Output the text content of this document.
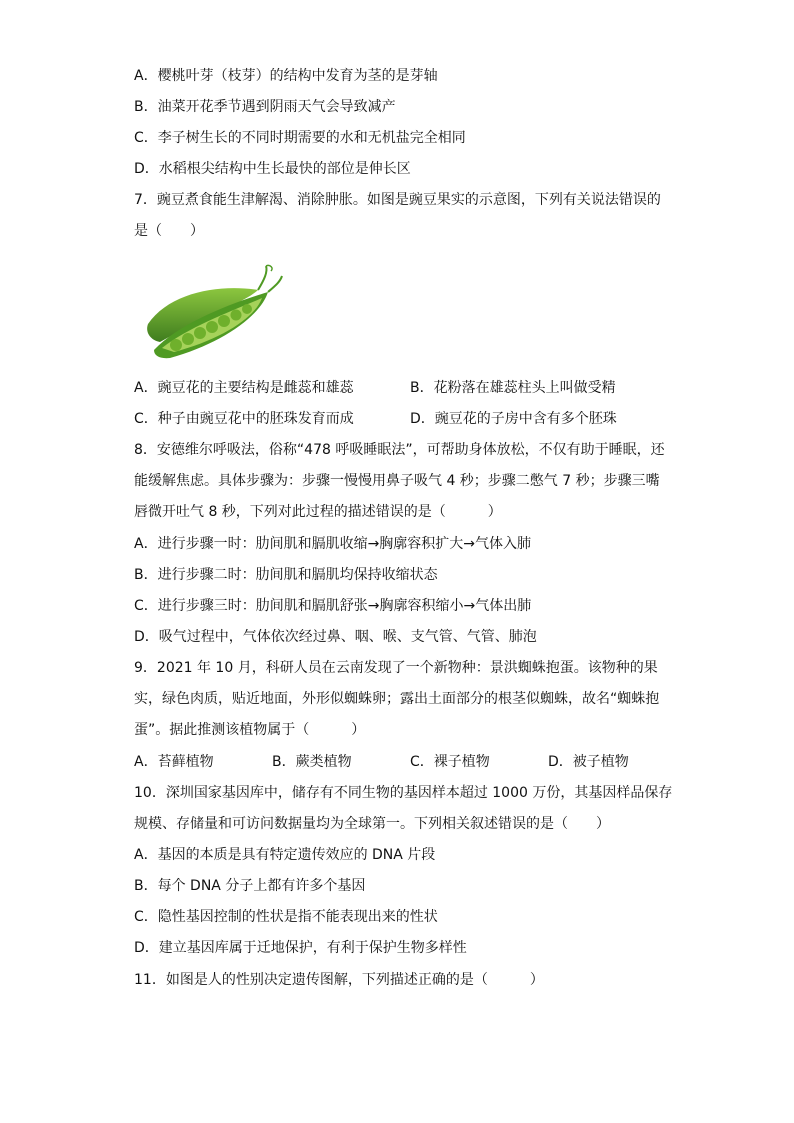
A．樱桃叶芽（枝芽）的结构中发育为茎的是芽轴
B．油菜开花季节遇到阴雨天气会导致减产
C．李子树生长的不同时期需要的水和无机盐完全相同
D．水稻根尖结构中生长最快的部位是伸长区
7．豌豆煮食能生津解渴、消除肿胀。如图是豌豆果实的示意图，下列有关说法错误的
是（　　）
A．豌豆花的主要结构是雌蕊和雄蕊	B．花粉落在雄蕊柱头上叫做受精
C．种子由豌豆花中的胚珠发育而成	D．豌豆花的子房中含有多个胚珠
8．安德维尔呼吸法，俗称“478 呼吸睡眠法”，可帮助身体放松，不仅有助于睡眠，还
能缓解焦虑。具体步骤为：步骤一慢慢用鼻子吸气 4 秒；步骤二憋气 7 秒；步骤三嘴
唇微开吐气 8 秒，下列对此过程的描述错误的是（　　　）
A．进行步骤一时：肋间肌和膈肌收缩→胸廓容积扩大→气体入肺
B．进行步骤二时：肋间肌和膈肌均保持收缩状态
C．进行步骤三时：肋间肌和膈肌舒张→胸廓容积缩小→气体出肺
D．吸气过程中，气体依次经过鼻、咽、喉、支气管、气管、肺泡
9．2021 年 10 月，科研人员在云南发现了一个新物种：景洪蜘蛛抱蛋。该物种的果
实，绿色肉质，贴近地面，外形似蜘蛛卵；露出土面部分的根茎似蜘蛛，故名“蜘蛛抱
蛋”。据此推测该植物属于（　　　）
A．苔藓植物	B．蕨类植物	C．裸子植物	D．被子植物
10．深圳国家基因库中，储存有不同生物的基因样本超过 1000 万份，其基因样品保存
规模、存储量和可访问数据量均为全球第一。下列相关叙述错误的是（　　）
A．基因的本质是具有特定遗传效应的 DNA 片段
B．每个 DNA 分子上都有许多个基因
C．隐性基因控制的性状是指不能表现出来的性状
D．建立基因库属于迁地保护，有利于保护生物多样性
11．如图是人的性别决定遗传图解，下列描述正确的是（　　　）
